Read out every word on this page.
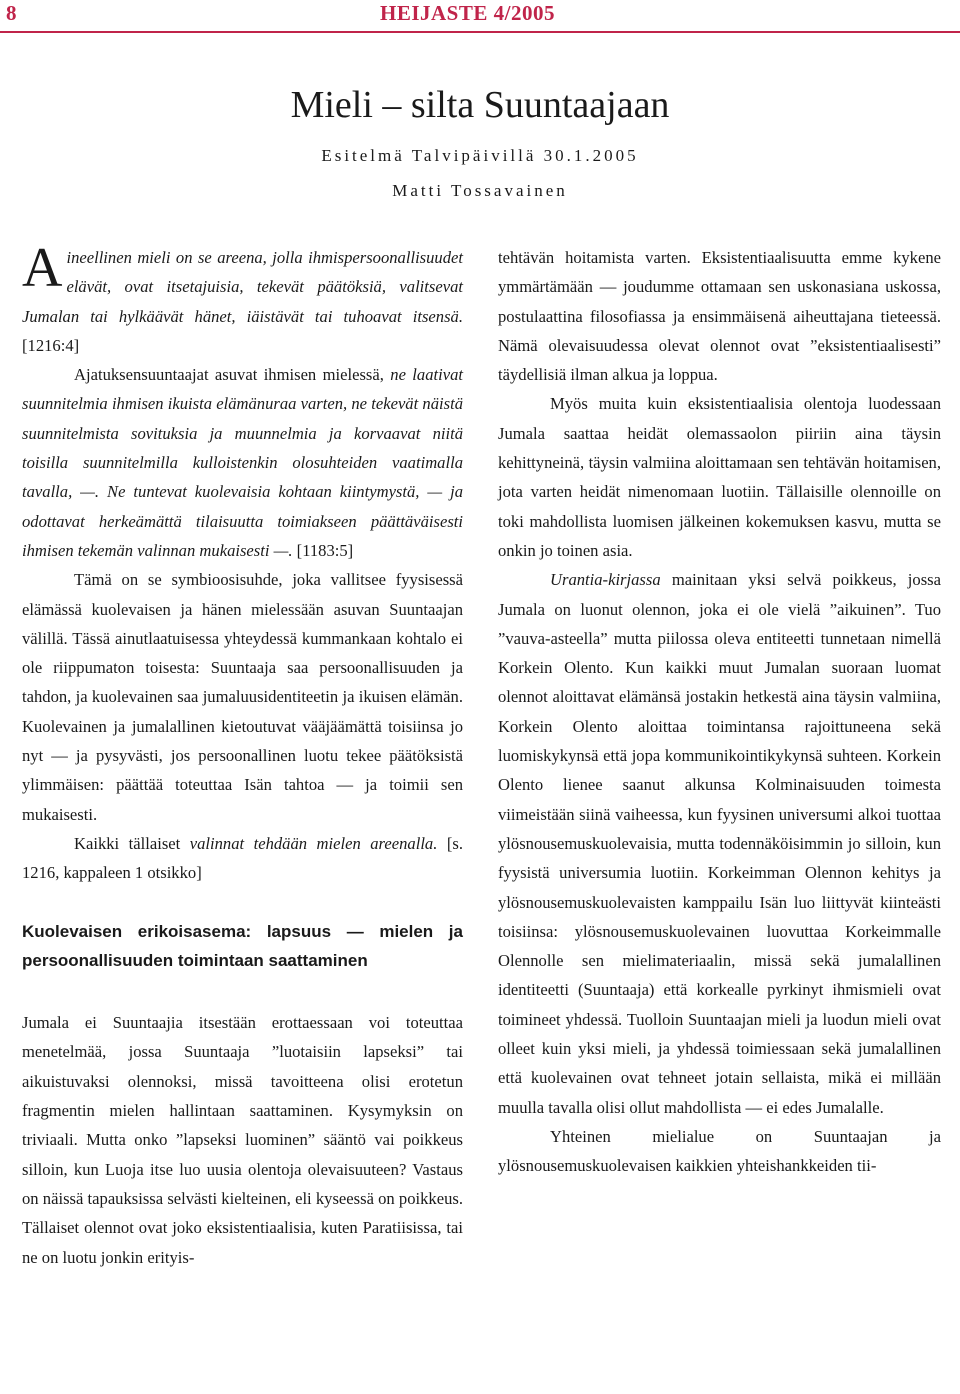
8	HEIJASTE 4/2005
Mieli – silta Suuntaajaan
Esitelmä Talvipäivillä 30.1.2005
Matti Tossavainen

Aineellinen mieli on se areena, jolla ihmispersoonallisuudet elävät, ovat itsetajuisia, tekevät päätöksiä, valitsevat Jumalan tai hylkäävät hänet, iäistävät tai tuhoavat itsensä. [1216:4]

Ajatuksensuuntaajat asuvat ihmisen mielessä, ne laativat suunnitelmia ihmisen ikuista elämänuraa varten, ne tekevät näistä suunnitelmista sovituksia ja muunnelmia ja korvaavat niitä toisilla suunnitelmilla kulloistenkin olosuhteiden vaatimalla tavalla, —. Ne tuntevat kuolevaisia kohtaan kiintymystä, — ja odottavat herkeämättä tilaisuutta toimiakseen päättäväisesti ihmisen tekemän valinnan mukaisesti —. [1183:5]

Tämä on se symbioosisuhde, joka vallitsee fyysisessä elämässä kuolevaisen ja hänen mielessään asuvan Suuntaajan välillä. Tässä ainutlaatuisessa yhteydessä kummankaan kohtalo ei ole riippumaton toisesta: Suuntaaja saa persoonallisuuden ja tahdon, ja kuolevainen saa jumaluusidentiteetin ja ikuisen elämän. Kuolevainen ja jumalallinen kietoutuvat vääjäämättä toisiinsa jo nyt — ja pysyvästi, jos persoonallinen luotu tekee päätöksistä ylimmäisen: päättää toteuttaa Isän tahtoa — ja toimii sen mukaisesti.

Kaikki tällaiset valinnat tehdään mielen areenalla. [s. 1216, kappaleen 1 otsikko]

Kuolevaisen erikoisasema: lapsuus — mielen ja persoonallisuuden toimintaan saattaminen

Jumala ei Suuntaajia itsestään erottaessaan voi toteuttaa menetelmää, jossa Suuntaaja ”luotaisiin lapseksi” tai aikuistuvaksi olennoksi, missä tavoitteena olisi erotetun fragmentin mielen hallintaan saattaminen. Kysymyksin on triviaali. Mutta onko ”lapseksi luominen” sääntö vai poikkeus silloin, kun Luoja itse luo uusia olentoja olevaisuuteen? Vastaus on näissä tapauksissa selvästi kielteinen, eli kyseessä on poikkeus. Tällaiset olennot ovat joko eksistentiaalisia, kuten Paratiisissa, tai ne on luotu jonkin erityis-

tehtävän hoitamista varten. Eksistentiaalisuutta emme kykene ymmärtämään — joudumme ottamaan sen uskonasiana uskossa, postulaattina filosofiassa ja ensimmäisenä aiheuttajana tieteessä. Nämä olevaisuudessa olevat olennot ovat ”eksistentiaalisesti” täydellisiä ilman alkua ja loppua.

Myös muita kuin eksistentiaalisia olentoja luodessaan Jumala saattaa heidät olemassaolon piiriin aina täysin kehittyneinä, täysin valmiina aloittamaan sen tehtävän hoitamisen, jota varten heidät nimenomaan luotiin. Tällaisille olennoille on toki mahdollista luomisen jälkeinen kokemuksen kasvu, mutta se onkin jo toinen asia.

Urantia-kirjassa mainitaan yksi selvä poikkeus, jossa Jumala on luonut olennon, joka ei ole vielä ”aikuinen”. Tuo ”vauva-asteella” mutta piilossa oleva entiteetti tunnetaan nimellä Korkein Olento. Kun kaikki muut Jumalan suoraan luomat olennot aloittavat elämänsä jostakin hetkestä aina täysin valmiina, Korkein Olento aloittaa toimintansa rajoittuneena sekä luomiskykynsä että jopa kommunikointikykynsä suhteen. Korkein Olento lienee saanut alkunsa Kolminaisuuden toimesta viimeistään siinä vaiheessa, kun fyysinen universumi alkoi tuottaa ylösnousemuskuolevaisia, mutta todennäköisimmin jo silloin, kun fyysistä universumia luotiin. Korkeimman Olennon kehitys ja ylösnousemuskuolevaisten kamppailu Isän luo liittyvät kiinteästi toisiinsa: ylösnousemuskuolevainen luovuttaa Korkeimmalle Olennolle sen mielimateriaalin, missä sekä jumalallinen identiteetti (Suuntaaja) että korkealle pyrkinyt ihmismieli ovat toimineet yhdessä. Tuolloin Suuntaajan mieli ja luodun mieli ovat olleet kuin yksi mieli, ja yhdessä toimiessaan sekä jumalallinen että kuolevainen ovat tehneet jotain sellaista, mikä ei millään muulla tavalla olisi ollut mahdollista — ei edes Jumalalle.

Yhteinen mielialue on Suuntaajan ja ylösnousemuskuolevaisen kaikkien yhteishankkeiden tii-
